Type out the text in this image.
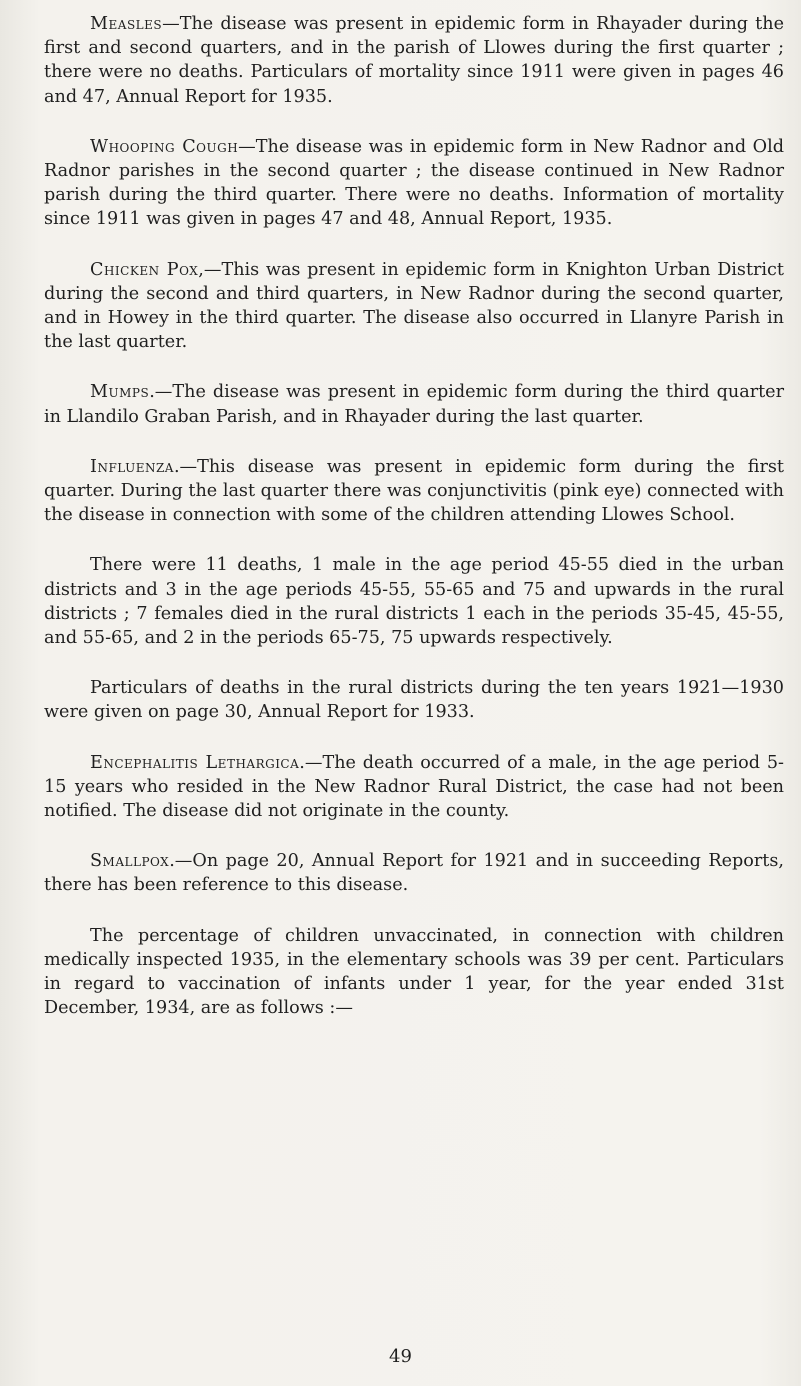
Measles—The disease was present in epidemic form in Rhayader during the first and second quarters, and in the parish of Llowes during the first quarter ; there were no deaths. Particulars of mortality since 1911 were given in pages 46 and 47, Annual Report for 1935.

Whooping Cough—The disease was in epidemic form in New Radnor and Old Radnor parishes in the second quarter ; the disease continued in New Radnor parish during the third quarter. There were no deaths. Information of mortality since 1911 was given in pages 47 and 48, Annual Report, 1935.

Chicken Pox,—This was present in epidemic form in Knighton Urban District during the second and third quarters, in New Radnor during the second quarter, and in Howey in the third quarter. The disease also occurred in Llanyre Parish in the last quarter.

Mumps.—The disease was present in epidemic form during the third quarter in Llandilo Graban Parish, and in Rhayader during the last quarter.

Influenza.—This disease was present in epidemic form during the first quarter. During the last quarter there was conjunctivitis (pink eye) connected with the disease in connection with some of the children attending Llowes School.

There were 11 deaths, 1 male in the age period 45-55 died in the urban districts and 3 in the age periods 45-55, 55-65 and 75 and upwards in the rural districts ; 7 females died in the rural districts 1 each in the periods 35-45, 45-55, and 55-65, and 2 in the periods 65-75, 75 upwards respectively.

Particulars of deaths in the rural districts during the ten years 1921—1930 were given on page 30, Annual Report for 1933.

Encephalitis Lethargica.—The death occurred of a male, in the age period 5-15 years who resided in the New Radnor Rural District, the case had not been notified. The disease did not originate in the county.

Smallpox.—On page 20, Annual Report for 1921 and in succeeding Reports, there has been reference to this disease.

The percentage of children unvaccinated, in connection with children medically inspected 1935, in the elementary schools was 39 per cent. Particulars in regard to vaccination of infants under 1 year, for the year ended 31st December, 1934, are as follows :—

49
